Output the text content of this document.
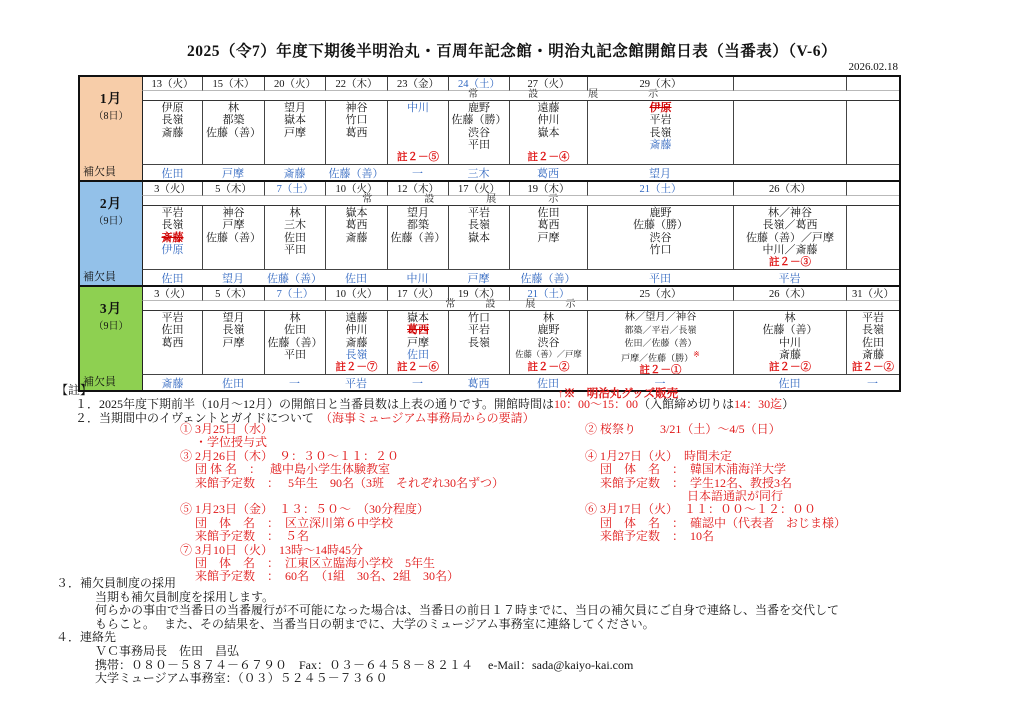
2025（令7）年度下期後半明治丸・百周年記念館・明治丸記念館開館日表（当番表）（V-6）
2026.02.18
1月
（8日）
補欠員
常設展示
13（火）
伊原
長嶺
斎藤
佐田
15（木）
林
都築
佐藤（善）
戸摩
20（火）
望月
嶽本
戸摩
斎藤
22（木）
神谷
竹口
葛西
佐藤（善）
23（金）
中川
註２－⑤
一
24（土）
鹿野
佐藤（勝）
渋谷
平田
三木
27（火）
遠藤
仲川
嶽本
註２－④
葛西
29（木）
伊原
平岩
長嶺
斎藤
望月
2月
（9日）
補欠員
常設展示
3（火）
平岩
長嶺
斎藤
伊原
佐田
5（木）
神谷
戸摩
佐藤（善）
望月
7（土）
林
三木
佐田
平田
佐藤（善）
10（火）
嶽本
葛西
斎藤
佐田
12（木）
望月
都築
佐藤（善）
中川
17（火）
平岩
長嶺
嶽本
戸摩
19（木）
佐田
葛西
戸摩
佐藤（善）
21（土）
鹿野
佐藤（勝）
渋谷
竹口
平田
26（木）
林／神谷
長嶺／葛西
佐藤（善）／戸摩
中川／斎藤
註２－③
平岩
3月
（9日）
補欠員
常設展示
3（火）
平岩
佐田
葛西
斎藤
5（木）
望月
長嶺
戸摩
佐田
7（土）
林
佐田
佐藤（善）
平田
一
10（火）
遠藤
仲川
斎藤
長嶺
註２－⑦
平岩
17（火）
嶽本
葛西
戸摩
佐田
註２－⑥
一
19（木）
竹口
平岩
長嶺
葛西
21（土）
林
鹿野
渋谷
佐藤（善）／戸摩
註２－②
佐田
25（水）
林／望月／神谷
都築／平岩／長嶺
佐田／佐藤（善）
戸摩／佐藤（勝）※
註２－①
一
26（木）
林
佐藤（善）
中川
斎藤
註２－②
佐田
31（火）
平岩
長嶺
佐田
斎藤
註２－②
一
↑※　明治丸グッズ販売
【註】
１．2025年度下期前半（10月～12月）の開館日と当番員数は上表の通りです。開館時間は10：00～15：00（入館締め切りは14：30迄）
２．当期間中のイヴェントとガイドについて　（海事ミュージアム事務局からの要請）
① 3月25日（水）
・学位授与式
③ 2月26日（木）　９：３０～１１：２０
団 体 名　：　 越中島小学生体験教室
来館予定数　：　 5年生　90名（3班　それぞれ30名ずつ）

⑤ 1月23日（金）　１３：５０～　（30分程度）
団　体　名　：　区立深川第６中学校
来館予定数　：　５名
⑦ 3月10日（火）　13時～14時45分
団　体　名　：　江東区立臨海小学校　5年生
来館予定数　：　60名　（1組　30名、2組　30名）
② 桜祭り　　3/21（土）～4/5（日）

④ 1月27日（火）　時間未定
団　体　名　：　韓国木浦海洋大学
来館予定数　：　学生12名、教授3名
日本語通訳が同行
⑥ 3月17日（火）　１１：００～１２：００
団　体　名　：　確認中（代表者　おじま様）
来館予定数　：　10名
３．補欠員制度の採用
当期も補欠員制度を採用します。
何らかの事由で当番日の当番履行が不可能になった場合は、当番日の前日１７時までに、当日の補欠員にご自身で連絡し、当番を交代して
もらこと。　 また、その結果を、当番当日の朝までに、大学のミュージアム事務室に連絡してください。
４．連絡先
ＶＣ事務局長　佐田　昌弘
携帯：０８０－５８７４－６７９０　Fax：０３－６４５８－８２１４　 e-Mail：sada@kaiyo-kai.com
大学ミュージアム事務室：（０３）５２４５－７３６０
